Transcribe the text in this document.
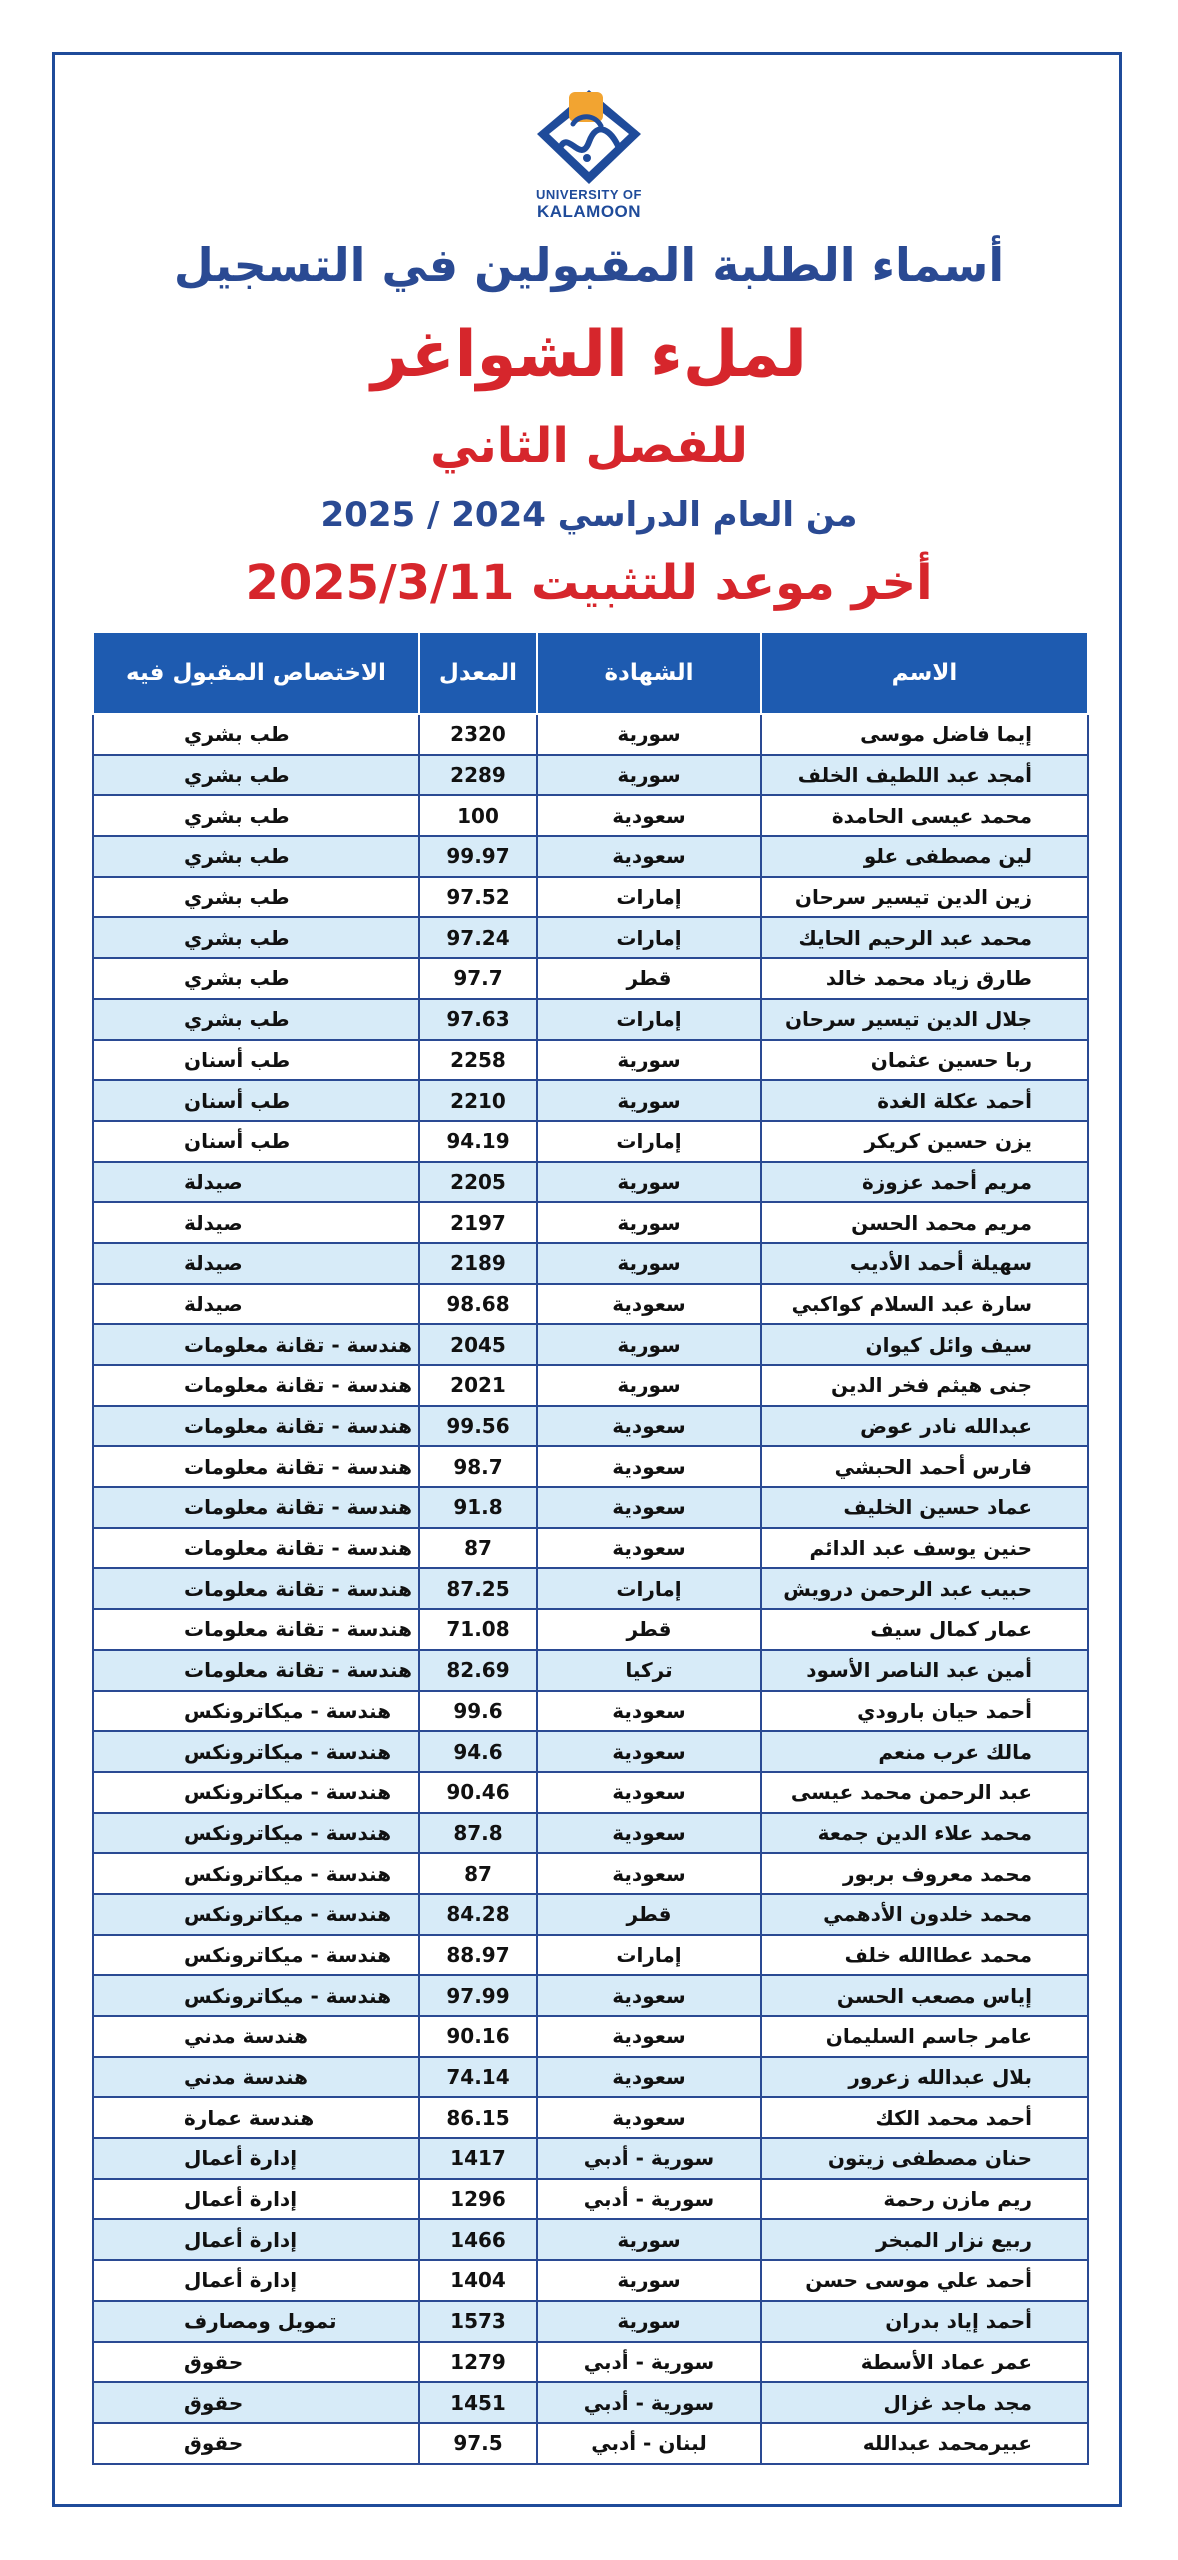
UNIVERSITY OF
KALAMOON
أسماء الطلبة المقبولين في التسجيل
لملء الشواغر
للفصل الثاني
من العام الدراسي 2024 / 2025
أخر موعد للتثبيت 2025/3/11
الاسم	الشهادة	المعدل	الاختصاص المقبول فيه
إيما فاضل موسى	سورية	2320	طب بشري
أمجد عبد اللطيف الخلف	سورية	2289	طب بشري
محمد عيسى الحامدة	سعودية	100	طب بشري
لين مصطفى علو	سعودية	99.97	طب بشري
زين الدين تيسير سرحان	إمارات	97.52	طب بشري
محمد عبد الرحيم الحايك	إمارات	97.24	طب بشري
طارق زياد محمد خالد	قطر	97.7	طب بشري
جلال الدين تيسير سرحان	إمارات	97.63	طب بشري
ربا حسين عثمان	سورية	2258	طب أسنان
أحمد عكلة الغدة	سورية	2210	طب أسنان
يزن حسين كريكر	إمارات	94.19	طب أسنان
مريم أحمد عزوزة	سورية	2205	صيدلة
مريم محمد الحسن	سورية	2197	صيدلة
سهيلة أحمد الأديب	سورية	2189	صيدلة
سارة عبد السلام كواكبي	سعودية	98.68	صيدلة
سيف وائل كيوان	سورية	2045	هندسة - تقانة معلومات
جنى هيثم فخر الدين	سورية	2021	هندسة - تقانة معلومات
عبدالله نادر عوض	سعودية	99.56	هندسة - تقانة معلومات
فارس أحمد الحبشي	سعودية	98.7	هندسة - تقانة معلومات
عماد حسين الخليف	سعودية	91.8	هندسة - تقانة معلومات
حنين يوسف عبد الدائم	سعودية	87	هندسة - تقانة معلومات
حبيب عبد الرحمن درويش	إمارات	87.25	هندسة - تقانة معلومات
عمار كمال سيف	قطر	71.08	هندسة - تقانة معلومات
أمين عبد الناصر الأسود	تركيا	82.69	هندسة - تقانة معلومات
أحمد حيان بارودي	سعودية	99.6	هندسة - ميكاترونكس
مالك عرب منعم	سعودية	94.6	هندسة - ميكاترونكس
عبد الرحمن محمد عيسى	سعودية	90.46	هندسة - ميكاترونكس
محمد علاء الدين جمعة	سعودية	87.8	هندسة - ميكاترونكس
محمد معروف بربور	سعودية	87	هندسة - ميكاترونكس
محمد خلدون الأدهمي	قطر	84.28	هندسة - ميكاترونكس
محمد عطاالله خلف	إمارات	88.97	هندسة - ميكاترونكس
إياس مصعب الحسن	سعودية	97.99	هندسة - ميكاترونكس
عامر جاسم السليمان	سعودية	90.16	هندسة مدني
بلال عبدالله زعرور	سعودية	74.14	هندسة مدني
أحمد محمد الكك	سعودية	86.15	هندسة عمارة
حنان مصطفى زيتون	سورية - أدبي	1417	إدارة أعمال
ريم مازن رحمة	سورية - أدبي	1296	إدارة أعمال
ربيع نزار المبخر	سورية	1466	إدارة أعمال
أحمد علي موسى حسن	سورية	1404	إدارة أعمال
أحمد إياد بدران	سورية	1573	تمويل ومصارف
عمر عماد الأسطة	سورية - أدبي	1279	حقوق
مجد ماجد غزال	سورية - أدبي	1451	حقوق
عبيرمحمد عبدالله	لبنان - أدبي	97.5	حقوق
